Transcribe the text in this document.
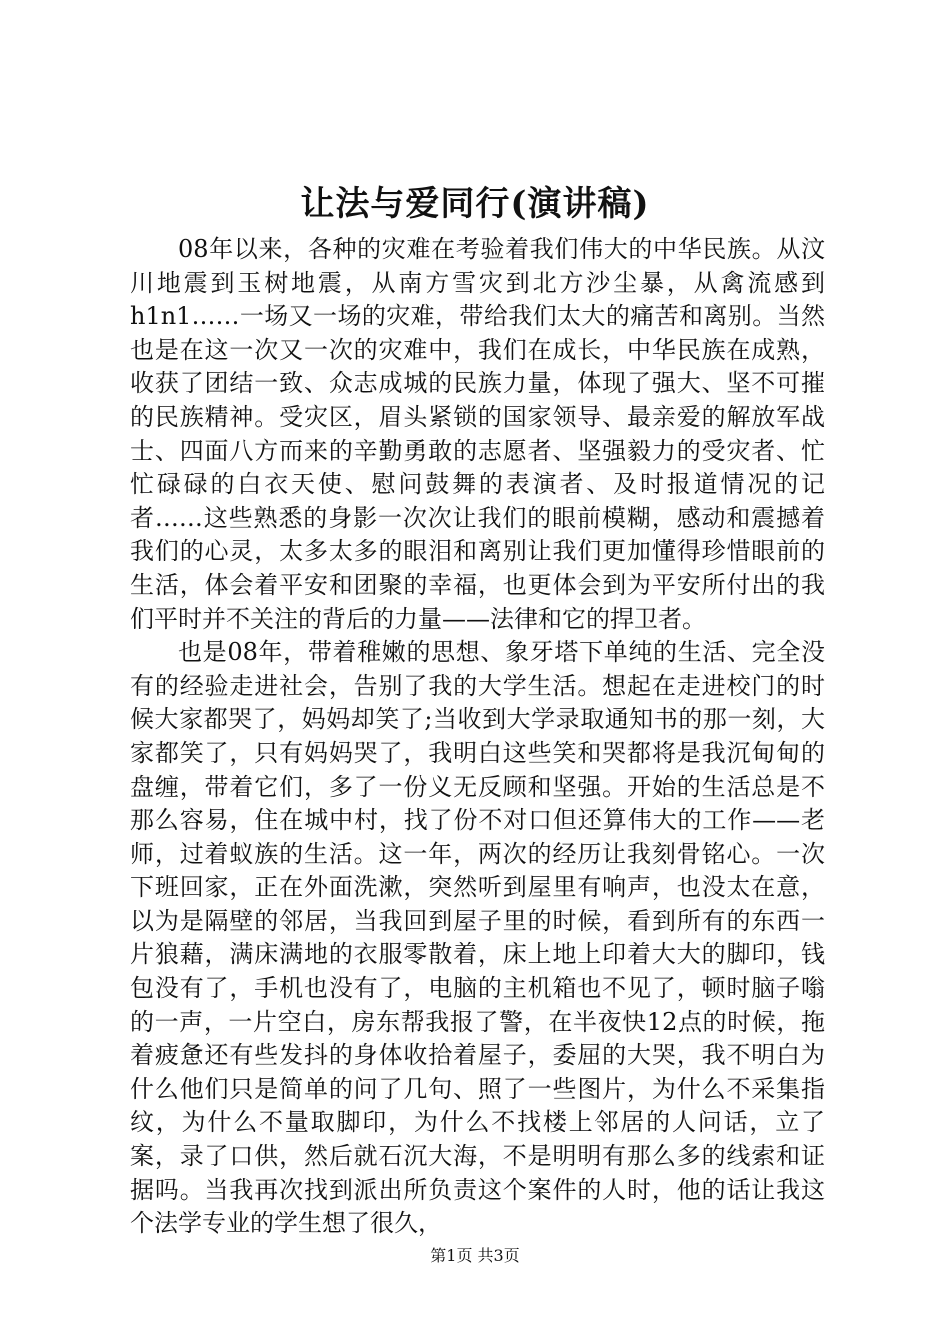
让法与爱同行(演讲稿)

08年以来，各种的灾难在考验着我们伟大的中华民族。从汶川地震到玉树地震，从南方雪灾到北方沙尘暴，从禽流感到h1n1……一场又一场的灾难，带给我们太大的痛苦和离别。当然也是在这一次又一次的灾难中，我们在成长，中华民族在成熟，收获了团结一致、众志成城的民族力量，体现了强大、坚不可摧的民族精神。受灾区，眉头紧锁的国家领导、最亲爱的解放军战士、四面八方而来的辛勤勇敢的志愿者、坚强毅力的受灾者、忙忙碌碌的白衣天使、慰问鼓舞的表演者、及时报道情况的记者……这些熟悉的身影一次次让我们的眼前模糊，感动和震撼着我们的心灵，太多太多的眼泪和离别让我们更加懂得珍惜眼前的生活，体会着平安和团聚的幸福，也更体会到为平安所付出的我们平时并不关注的背后的力量——法律和它的捍卫者。

也是08年，带着稚嫩的思想、象牙塔下单纯的生活、完全没有的经验走进社会，告别了我的大学生活。想起在走进校门的时候大家都哭了，妈妈却笑了;当收到大学录取通知书的那一刻，大家都笑了，只有妈妈哭了，我明白这些笑和哭都将是我沉甸甸的盘缠，带着它们，多了一份义无反顾和坚强。开始的生活总是不那么容易，住在城中村，找了份不对口但还算伟大的工作——老师，过着蚁族的生活。这一年，两次的经历让我刻骨铭心。一次下班回家，正在外面洗漱，突然听到屋里有响声，也没太在意，以为是隔壁的邻居，当我回到屋子里的时候，看到所有的东西一片狼藉，满床满地的衣服零散着，床上地上印着大大的脚印，钱包没有了，手机也没有了，电脑的主机箱也不见了，顿时脑子嗡的一声，一片空白，房东帮我报了警，在半夜快12点的时候，拖着疲惫还有些发抖的身体收拾着屋子，委屈的大哭，我不明白为什么他们只是简单的问了几句、照了一些图片，为什么不采集指纹，为什么不量取脚印，为什么不找楼上邻居的人问话，立了案，录了口供，然后就石沉大海，不是明明有那么多的线索和证据吗。当我再次找到派出所负责这个案件的人时，他的话让我这个法学专业的学生想了很久，

第1页 共3页
